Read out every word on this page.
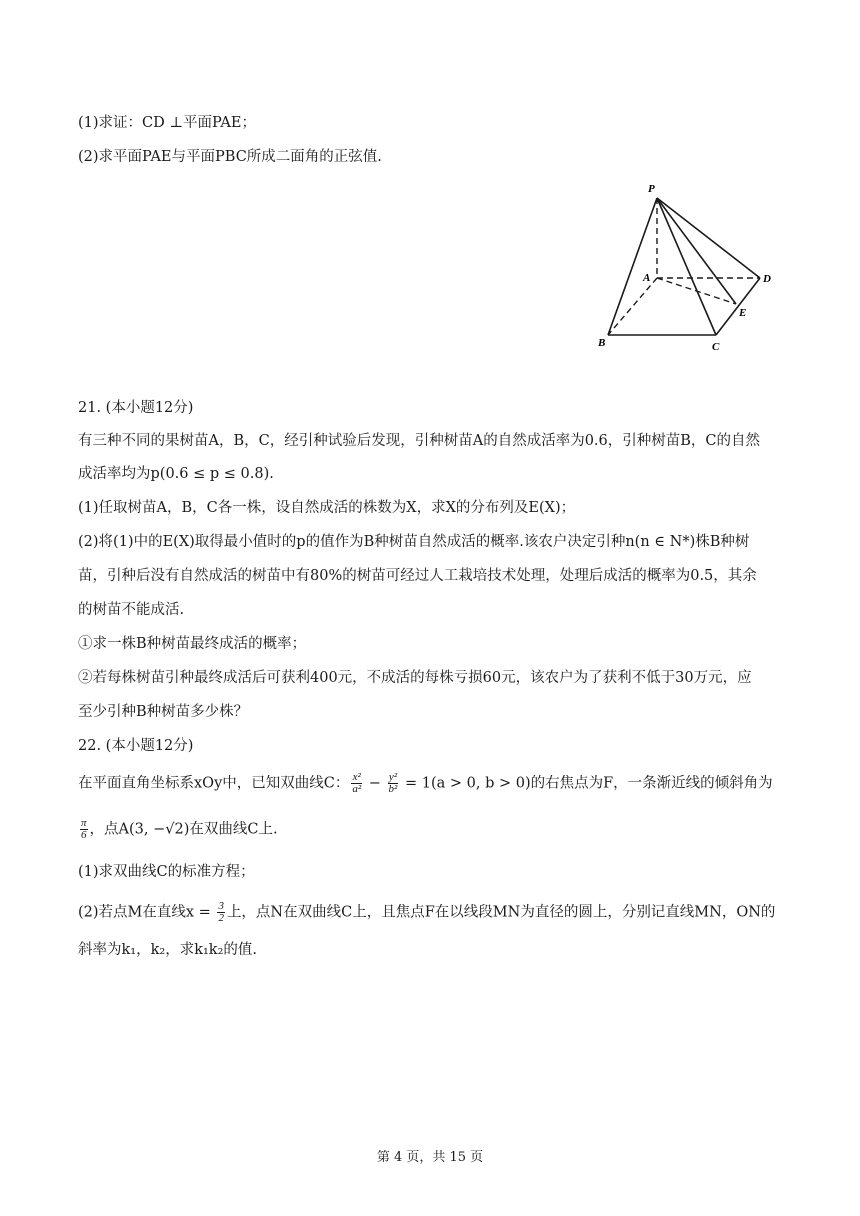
(1)求证：CD ⊥平面PAE；
(2)求平面PAE与平面PBC所成二面角的正弦值.
P
A
B	C
D
E
21. (本小题12分)
有三种不同的果树苗A，B，C，经引种试验后发现，引种树苗A的自然成活率为0.6，引种树苗B，C的自然
成活率均为p(0.6 ≤ p ≤ 0.8).
(1)任取树苗A，B，C各一株，设自然成活的株数为X，求X的分布列及E(X)；
(2)将(1)中的E(X)取得最小值时的p的值作为B种树苗自然成活的概率.该农户决定引种n(n ∈ N*)株B种树
苗，引种后没有自然成活的树苗中有80%的树苗可经过人工栽培技术处理，处理后成活的概率为0.5，其余
的树苗不能成活.
①求一株B种树苗最终成活的概率；
②若每株树苗引种最终成活后可获利400元，不成活的每株亏损60元，该农户为了获利不低于30万元，应
至少引种B种树苗多少株？
22. (本小题12分)
在平面直角坐标系xOy中，已知双曲线C： $\frac{\text{x²}}{\text{a²}} - \frac{\text{y²}}{\text{b²}} = 1(a > 0$, b > 0)的右焦点为F，一条渐近线的倾斜角为
$\frac{\pi}{6}$ ，点A(3, −√2)在双曲线C上.
(1)求双曲线C的标准方程；
(2)若点M在直线$x = \frac{3}{2}$ 上，点N在双曲线C上，且焦点F在以线段MN为直径的圆上，分别记直线MN，ON的
斜率为k₁，k₂，求k₁k₂的值.
第 4 页，共 15 页
